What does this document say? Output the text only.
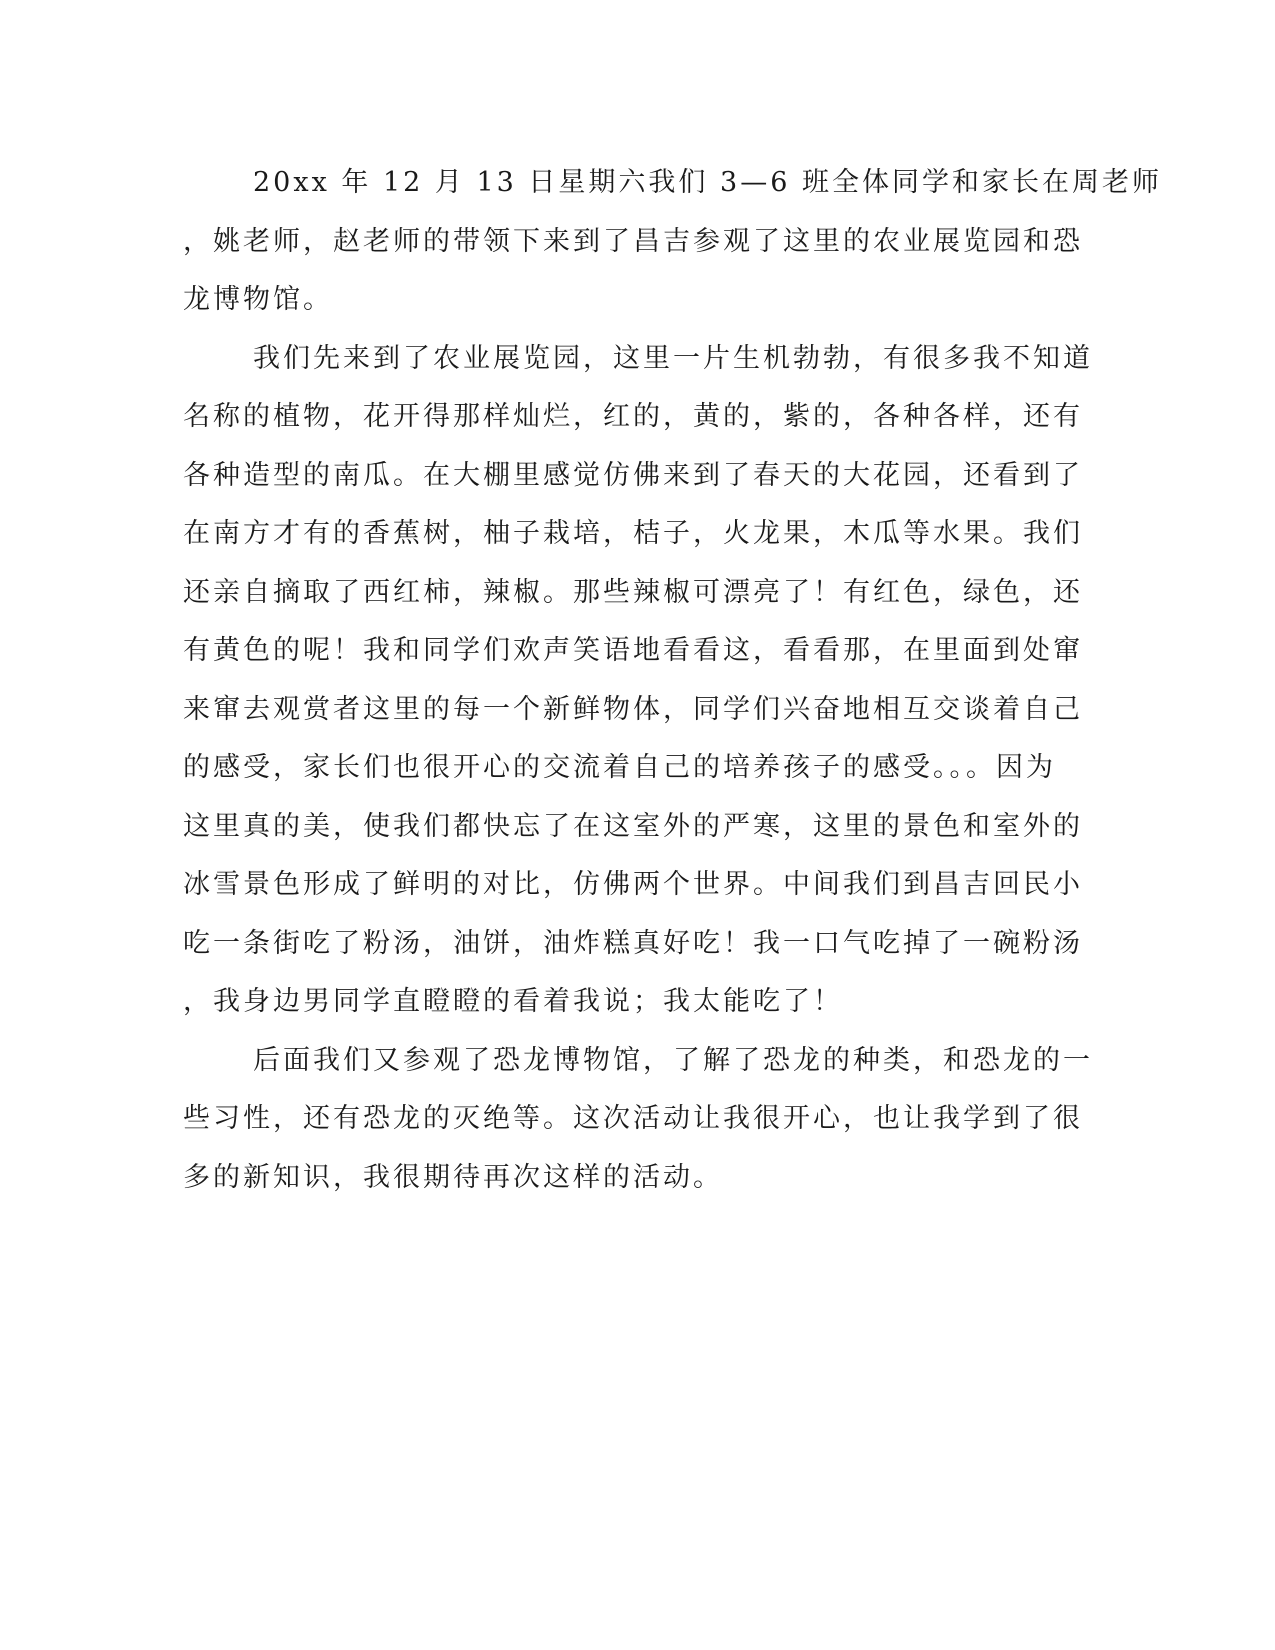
20xx 年 12 月 13 日星期六我们 3—6 班全体同学和家长在周老师
，姚老师，赵老师的带领下来到了昌吉参观了这里的农业展览园和恐
龙博物馆。
我们先来到了农业展览园，这里一片生机勃勃，有很多我不知道
名称的植物，花开得那样灿烂，红的，黄的，紫的，各种各样，还有
各种造型的南瓜。在大棚里感觉仿佛来到了春天的大花园，还看到了
在南方才有的香蕉树，柚子栽培，桔子，火龙果，木瓜等水果。我们
还亲自摘取了西红柿，辣椒。那些辣椒可漂亮了！有红色，绿色，还
有黄色的呢！我和同学们欢声笑语地看看这，看看那，在里面到处窜
来窜去观赏者这里的每一个新鲜物体，同学们兴奋地相互交谈着自己
的感受，家长们也很开心的交流着自己的培养孩子的感受。。。因为
这里真的美，使我们都快忘了在这室外的严寒，这里的景色和室外的
冰雪景色形成了鲜明的对比，仿佛两个世界。中间我们到昌吉回民小
吃一条街吃了粉汤，油饼，油炸糕真好吃！我一口气吃掉了一碗粉汤
，我身边男同学直瞪瞪的看着我说；我太能吃了！
后面我们又参观了恐龙博物馆，了解了恐龙的种类，和恐龙的一
些习性，还有恐龙的灭绝等。这次活动让我很开心，也让我学到了很
多的新知识，我很期待再次这样的活动。
